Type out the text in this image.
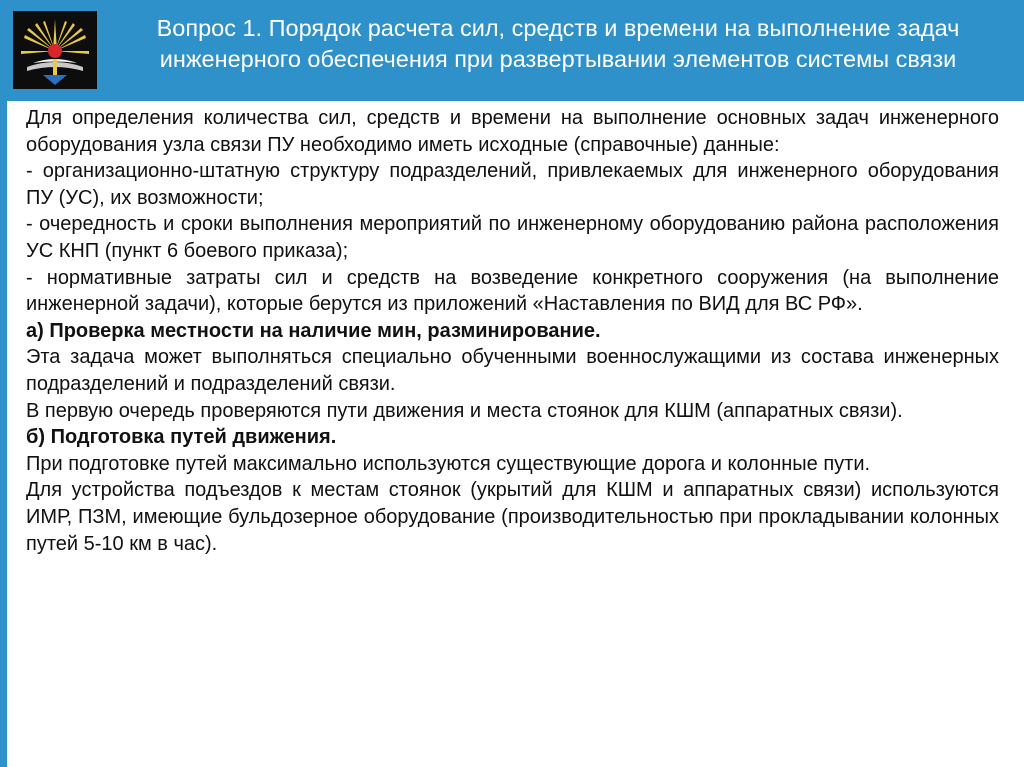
Вопрос 1. Порядок расчета сил, средств и времени на выполнение задач
инженерного обеспечения при развертывании элементов системы связи

Для определения количества сил, средств и времени на выполнение основных задач инженерного оборудования узла связи ПУ необходимо иметь исходные (справочные) данные:

- организационно-штатную структуру подразделений, привлекаемых для инженерного оборудования ПУ (УС), их возможности;

- очередность и сроки выполнения мероприятий по инженерному оборудованию района расположения УС КНП (пункт 6 боевого приказа);

- нормативные затраты сил и средств на возведение конкретного сооружения (на выполнение инженерной задачи), которые берутся из приложений «Наставления по ВИД для ВС РФ».

а) Проверка местности на наличие мин, разминирование.

Эта задача может выполняться специально обученными военнослужащими из состава инженерных подразделений и подразделений связи.

В первую очередь проверяются пути движения и места стоянок для КШМ (аппаратных связи).

б) Подготовка путей движения.

При подготовке путей максимально используются существующие дорога и колонные пути.

Для устройства подъездов к местам стоянок (укрытий для КШМ и аппаратных связи) используются ИМР, ПЗМ, имеющие бульдозерное оборудование (производительностью при прокладывании колонных путей 5-10 км в час).
